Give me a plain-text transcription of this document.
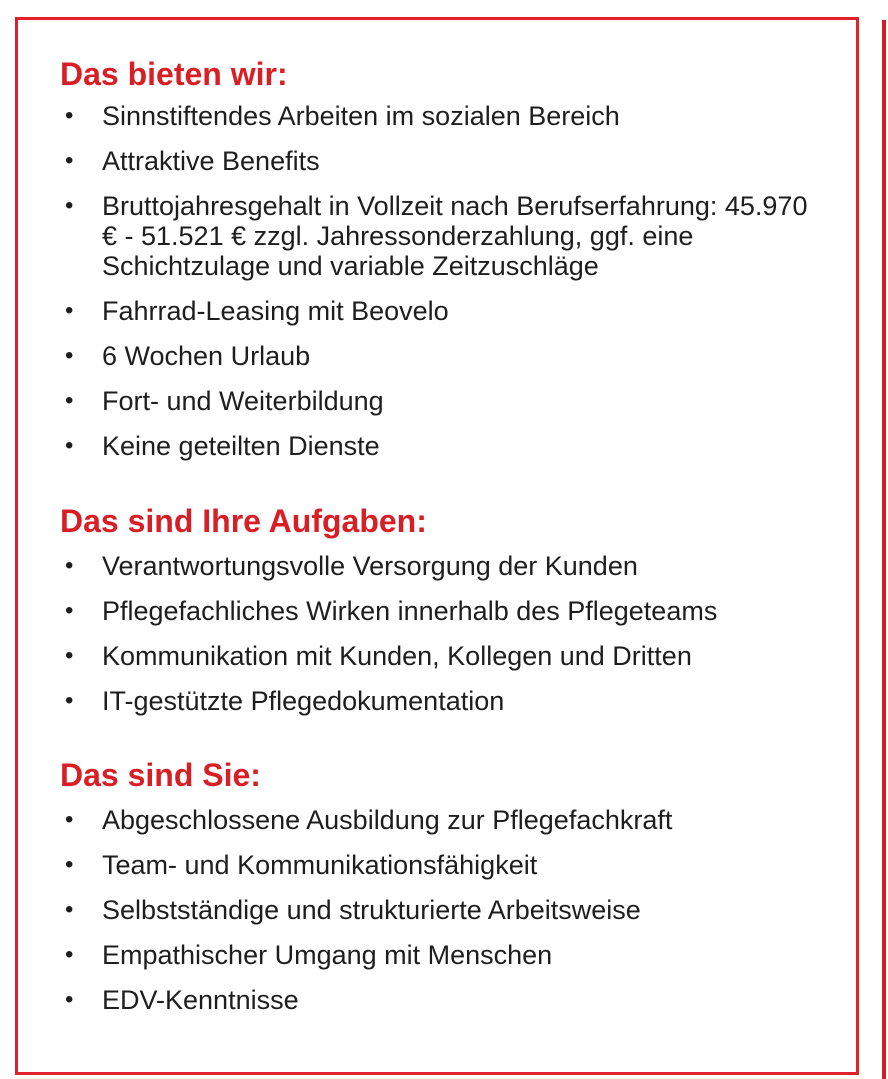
Das bieten wir:
• Sinnstiftendes Arbeiten im sozialen Bereich
• Attraktive Benefits
• Bruttojahresgehalt in Vollzeit nach Berufserfahrung: 45.970 € - 51.521 € zzgl. Jahressonderzahlung, ggf. eine Schichtzulage und variable Zeitzuschläge
• Fahrrad-Leasing mit Beovelo
• 6 Wochen Urlaub
• Fort- und Weiterbildung
• Keine geteilten Dienste
Das sind Ihre Aufgaben:
• Verantwortungsvolle Versorgung der Kunden
• Pflegefachliches Wirken innerhalb des Pflegeteams
• Kommunikation mit Kunden, Kollegen und Dritten
• IT-gestützte Pflegedokumentation
Das sind Sie:
• Abgeschlossene Ausbildung zur Pflegefachkraft
• Team- und Kommunikationsfähigkeit
• Selbstständige und strukturierte Arbeitsweise
• Empathischer Umgang mit Menschen
• EDV-Kenntnisse
